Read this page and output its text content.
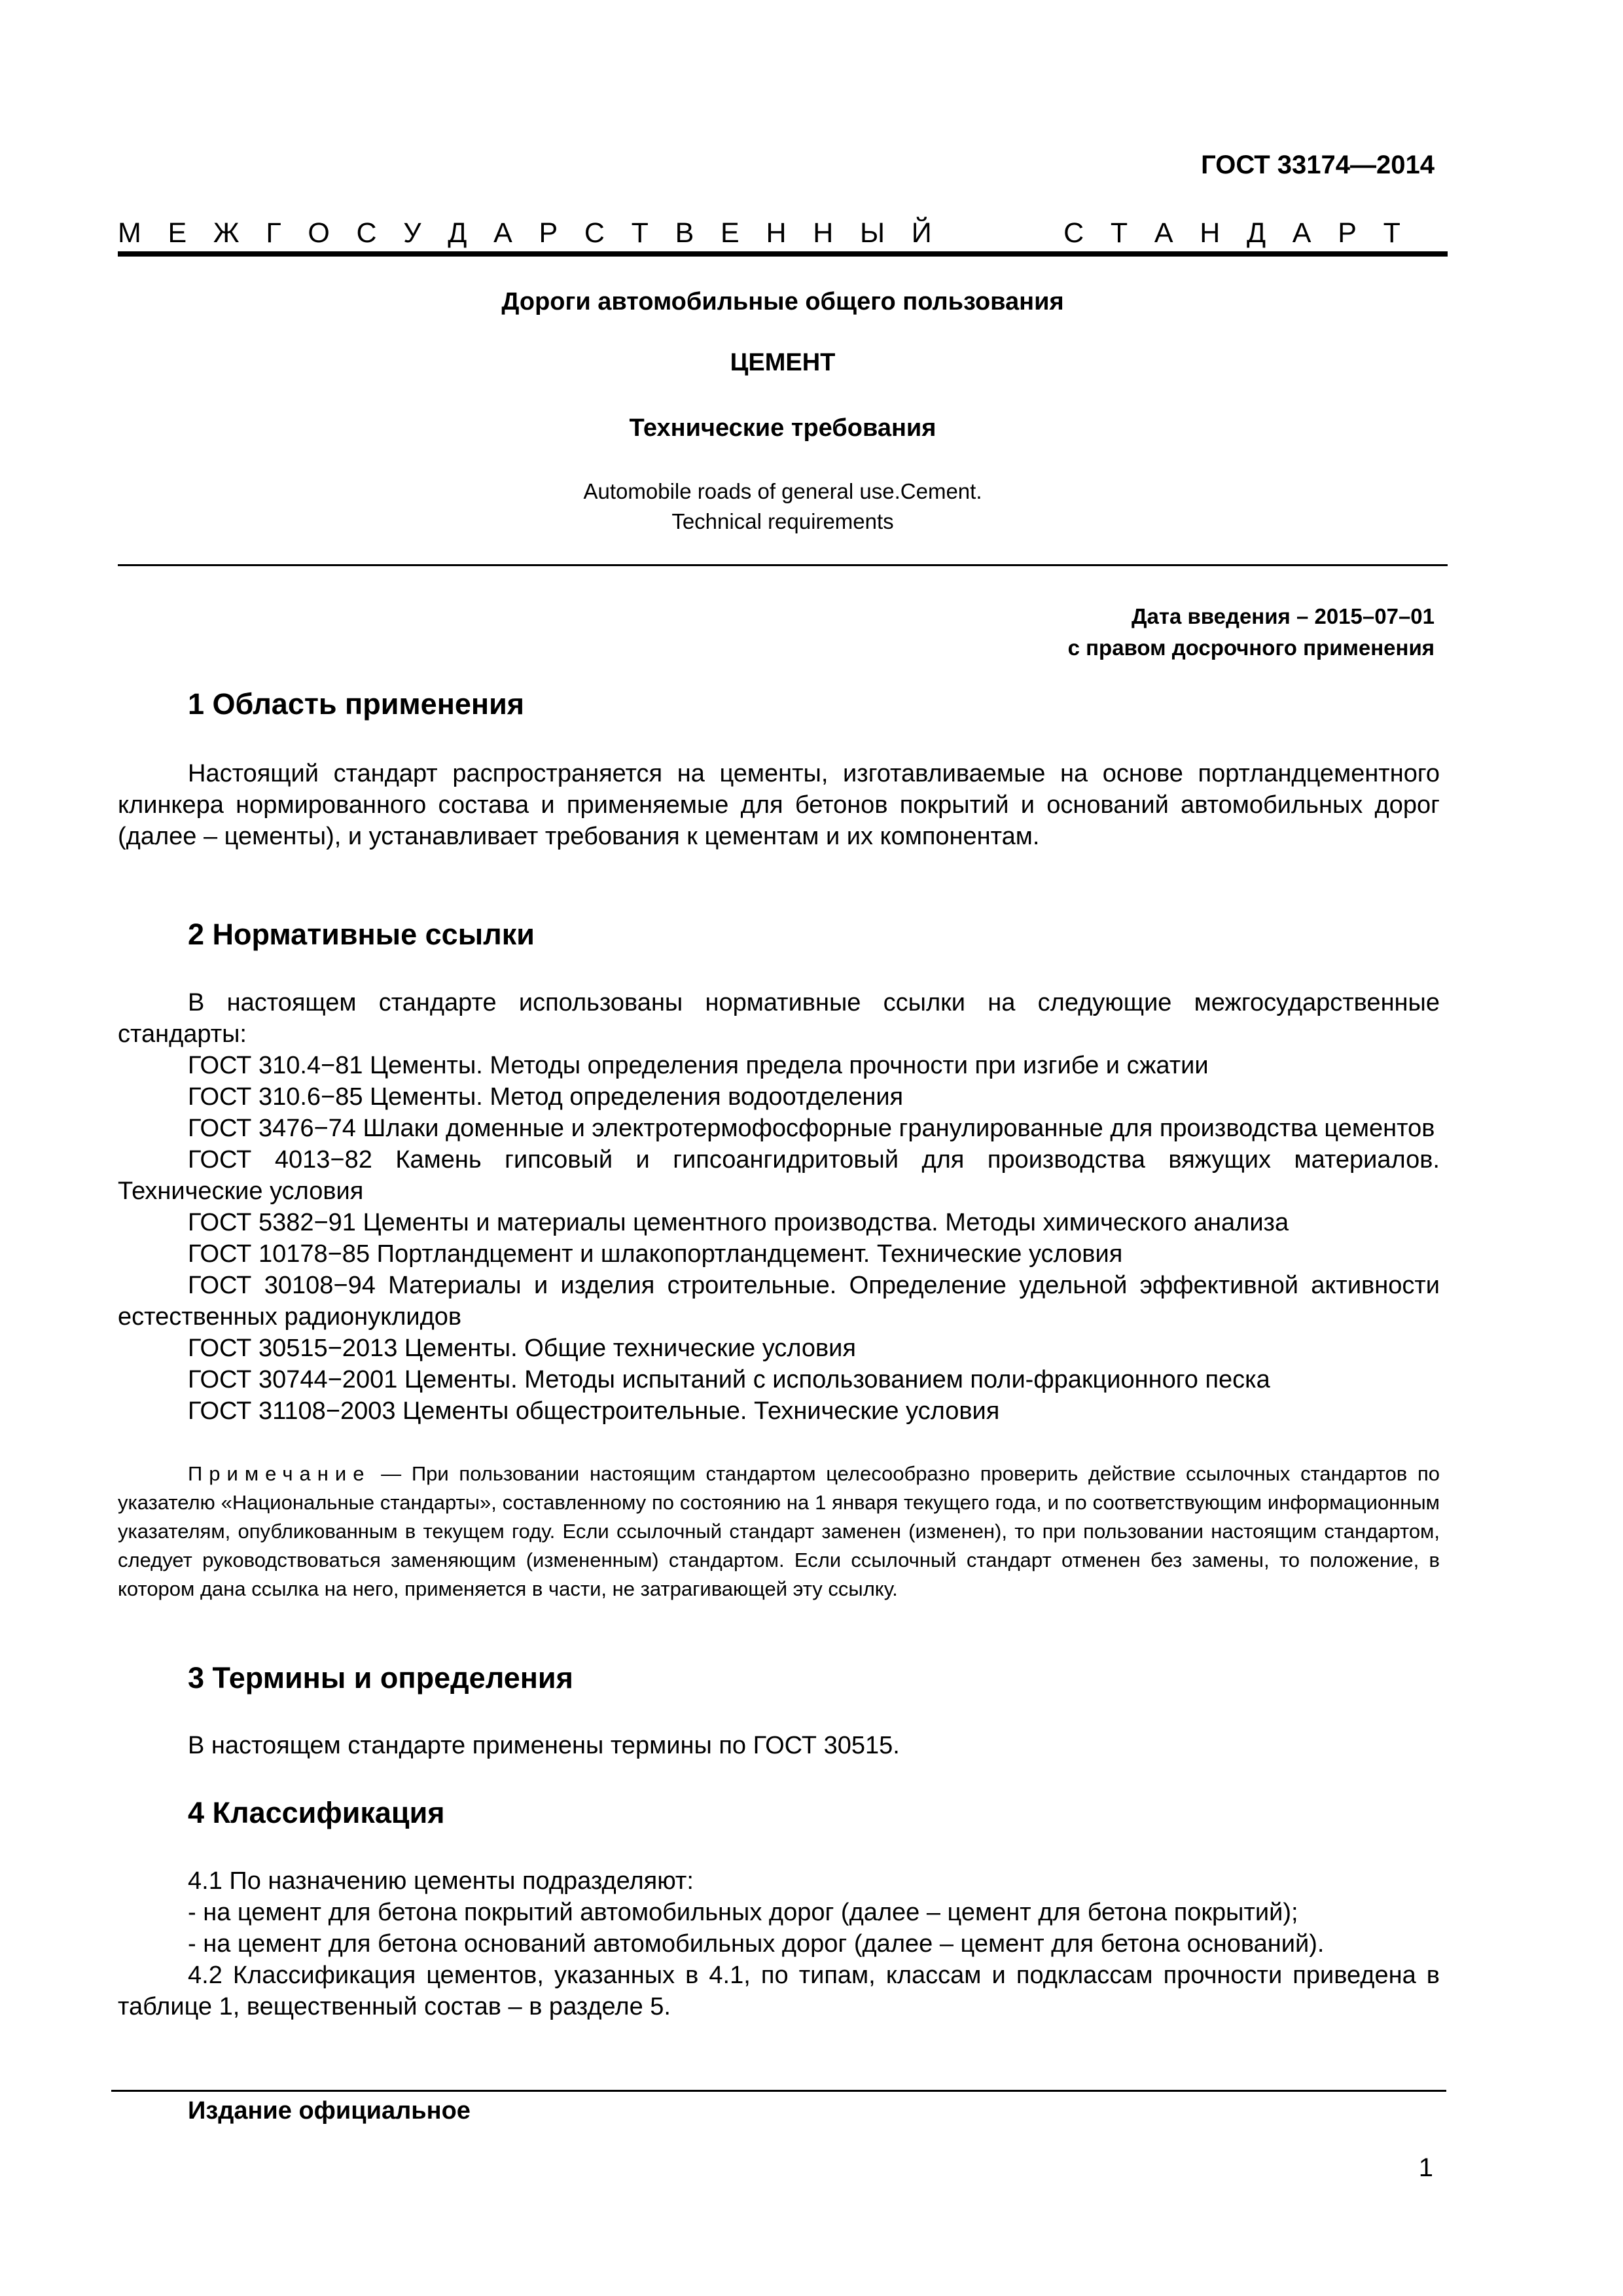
ГОСТ 33174—2014
М Е Ж Г О С У Д А Р С Т В Е Н Н Ы Й	С Т А Н Д А Р Т
Дороги автомобильные общего пользования
ЦЕМЕНТ
Технические требования
Automobile roads of general use.Cement.
Technical requirements
Дата введения – 2015–07–01
с правом досрочного применения
1 Область применения

Настоящий стандарт распространяется на цементы, изготавливаемые на основе портландцементного клинкера нормированного состава и применяемые для бетонов покрытий и оснований автомобильных дорог (далее – цементы), и устанавливает требования к цементам и их компонентам.

2 Нормативные ссылки

В настоящем стандарте использованы нормативные ссылки на следующие межгосударственные стандарты:

ГОСТ 310.4−81 Цементы. Методы определения предела прочности при изгибе и сжатии

ГОСТ 310.6−85 Цементы. Метод определения водоотделения

ГОСТ 3476−74 Шлаки доменные и электротермофосфорные гранулированные для производства цементов

ГОСТ 4013−82 Камень гипсовый и гипсоангидритовый для производства вяжущих материалов. Технические условия

ГОСТ 5382−91 Цементы и материалы цементного производства. Методы химического анализа

ГОСТ 10178−85 Портландцемент и шлакопортландцемент. Технические условия

ГОСТ 30108−94 Материалы и изделия строительные. Определение удельной эффективной активности естественных радионуклидов

ГОСТ 30515−2013 Цементы. Общие технические условия

ГОСТ 30744−2001 Цементы. Методы испытаний с использованием поли-фракционного песка

ГОСТ 31108−2003 Цементы общестроительные. Технические условия

Примечание — При пользовании настоящим стандартом целесообразно проверить действие ссылочных стандартов по указателю «Национальные стандарты», составленному по состоянию на 1 января текущего года, и по соответствующим информационным указателям, опубликованным в текущем году. Если ссылочный стандарт заменен (изменен), то при пользовании настоящим стандартом, следует руководствоваться заменяющим (измененным) стандартом. Если ссылочный стандарт отменен без замены, то положение, в котором дана ссылка на него, применяется в части, не затрагивающей эту ссылку.

3 Термины и определения

В настоящем стандарте применены термины по ГОСТ 30515.

4 Классификация

4.1 По назначению цементы подразделяют:

- на цемент для бетона покрытий автомобильных дорог (далее – цемент для бетона покрытий);

- на цемент для бетона оснований автомобильных дорог (далее – цемент для бетона оснований).

4.2 Классификация цементов, указанных в 4.1, по типам, классам и подклассам прочности приведена в таблице 1, вещественный состав – в разделе 5.

Издание официальное
1
